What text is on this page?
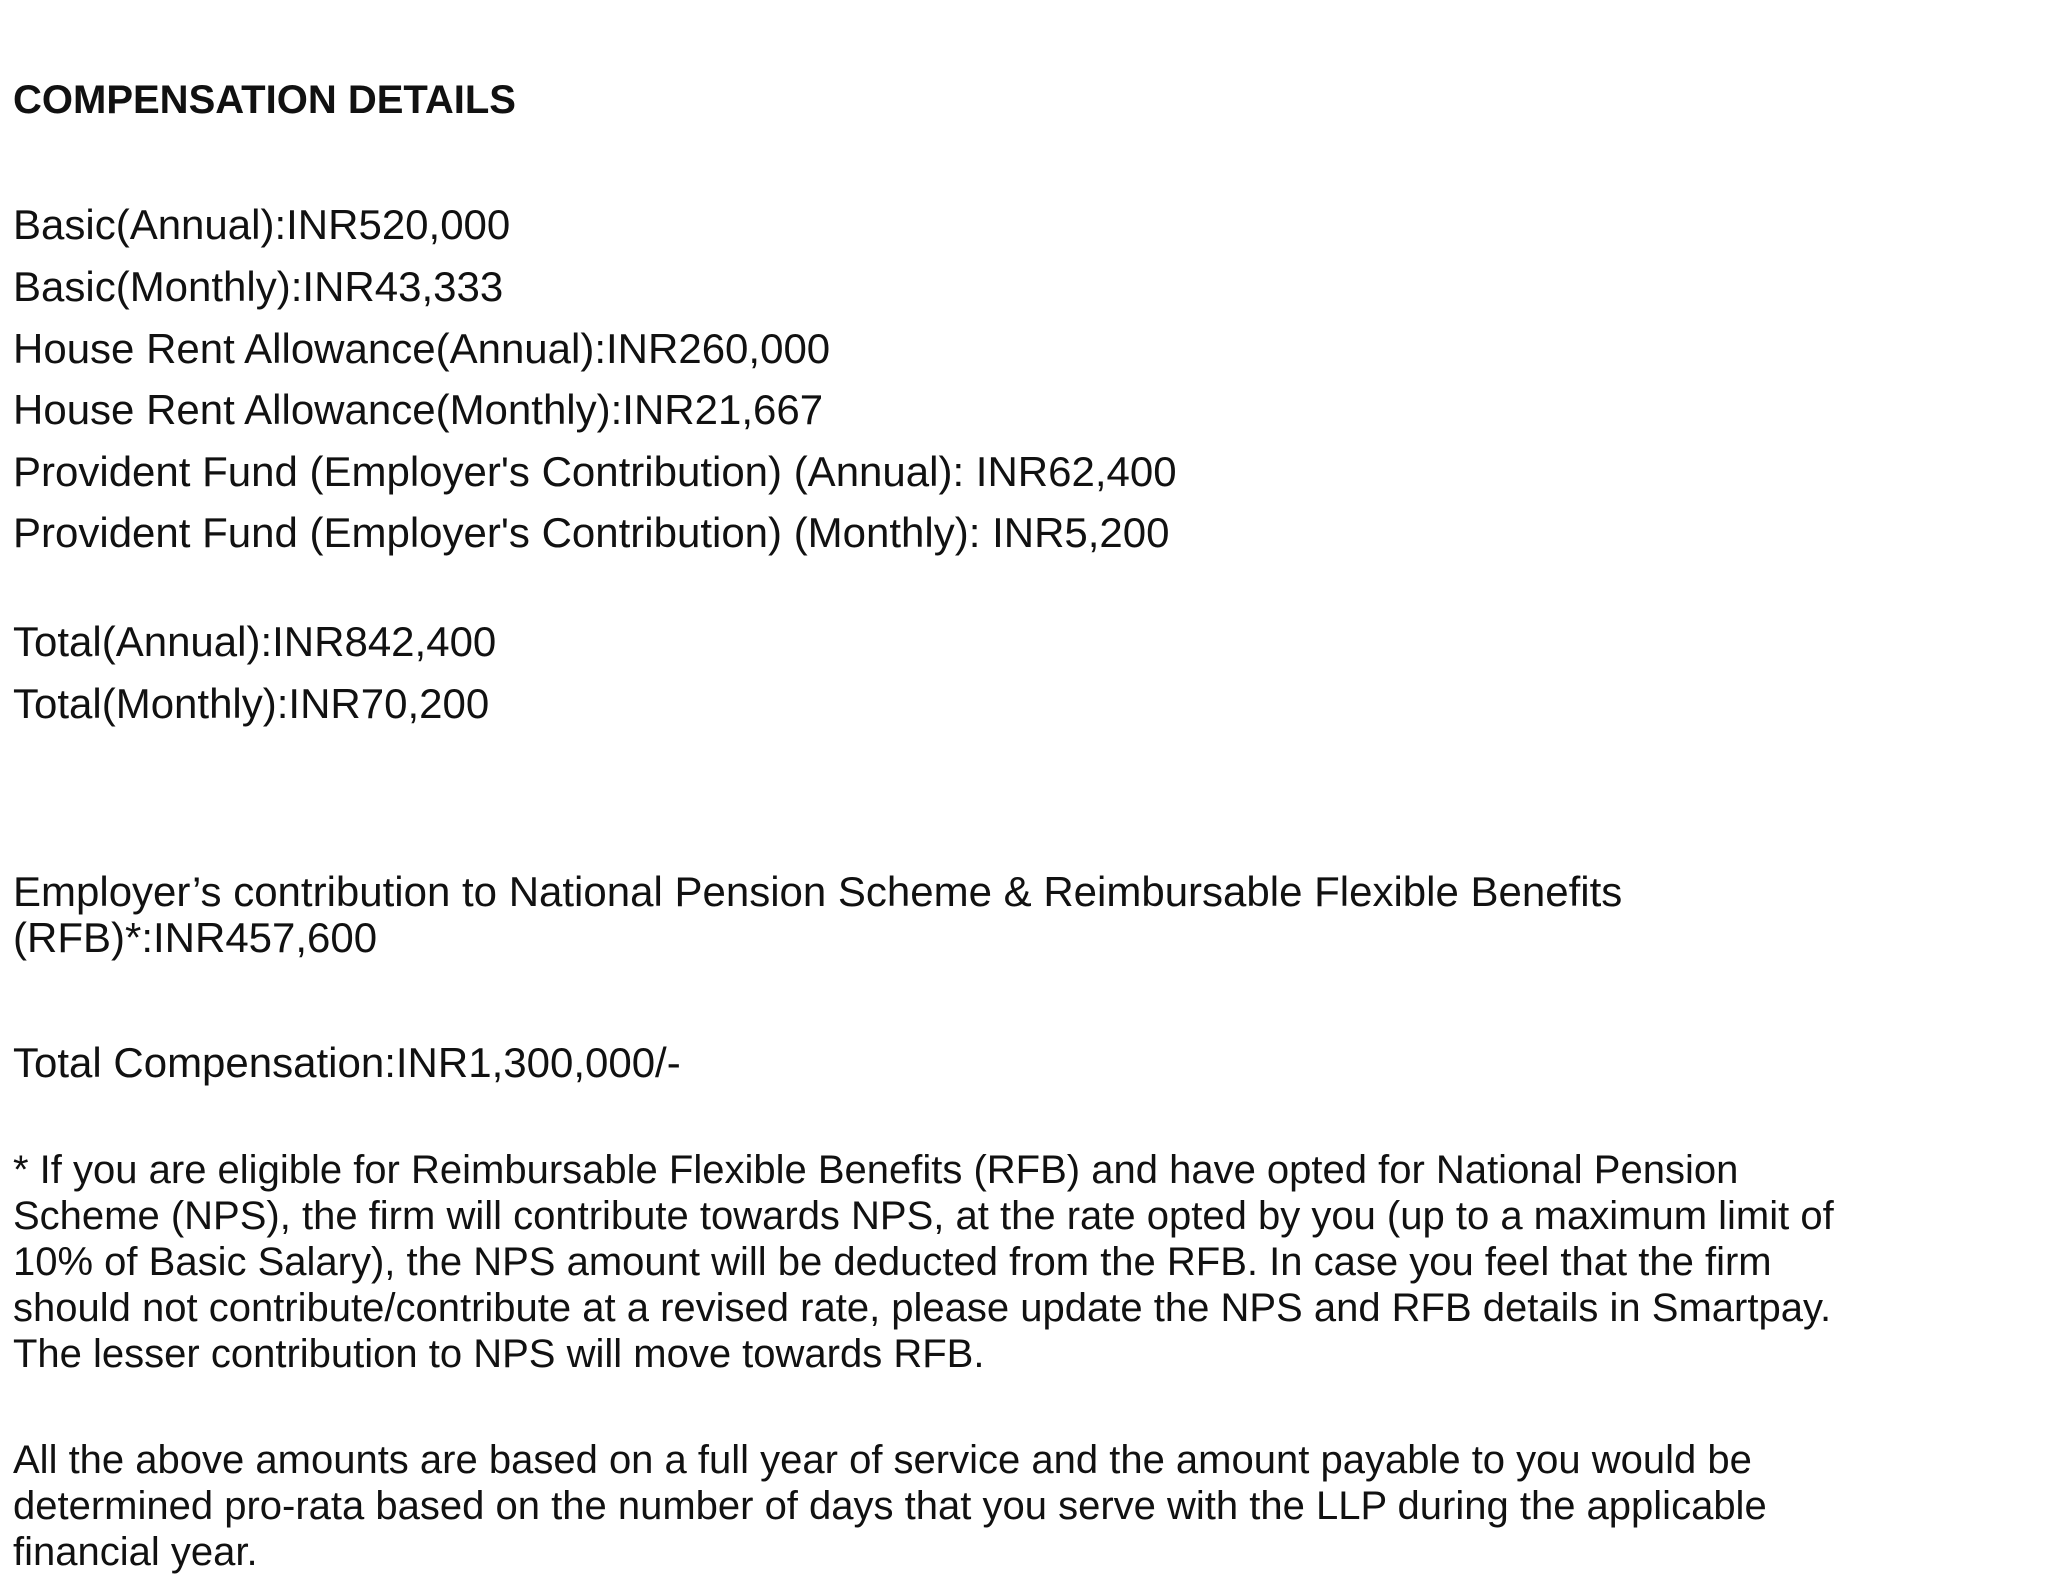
COMPENSATION DETAILS
Basic(Annual):INR520,000
Basic(Monthly):INR43,333
House Rent Allowance(Annual):INR260,000
House Rent Allowance(Monthly):INR21,667
Provident Fund (Employer's Contribution) (Annual): INR62,400
Provident Fund (Employer's Contribution) (Monthly): INR5,200
Total(Annual):INR842,400
Total(Monthly):INR70,200
Employer’s contribution to National Pension Scheme & Reimbursable Flexible Benefits
(RFB)*:INR457,600
Total Compensation:INR1,300,000/-
* If you are eligible for Reimbursable Flexible Benefits (RFB) and have opted for National Pension Scheme (NPS), the firm will contribute towards NPS, at the rate opted by you (up to a maximum limit of 10% of Basic Salary), the NPS amount will be deducted from the RFB. In case you feel that the firm should not contribute/contribute at a revised rate, please update the NPS and RFB details in Smartpay. The lesser contribution to NPS will move towards RFB.
All the above amounts are based on a full year of service and the amount payable to you would be determined pro-rata based on the number of days that you serve with the LLP during the applicable financial year.
